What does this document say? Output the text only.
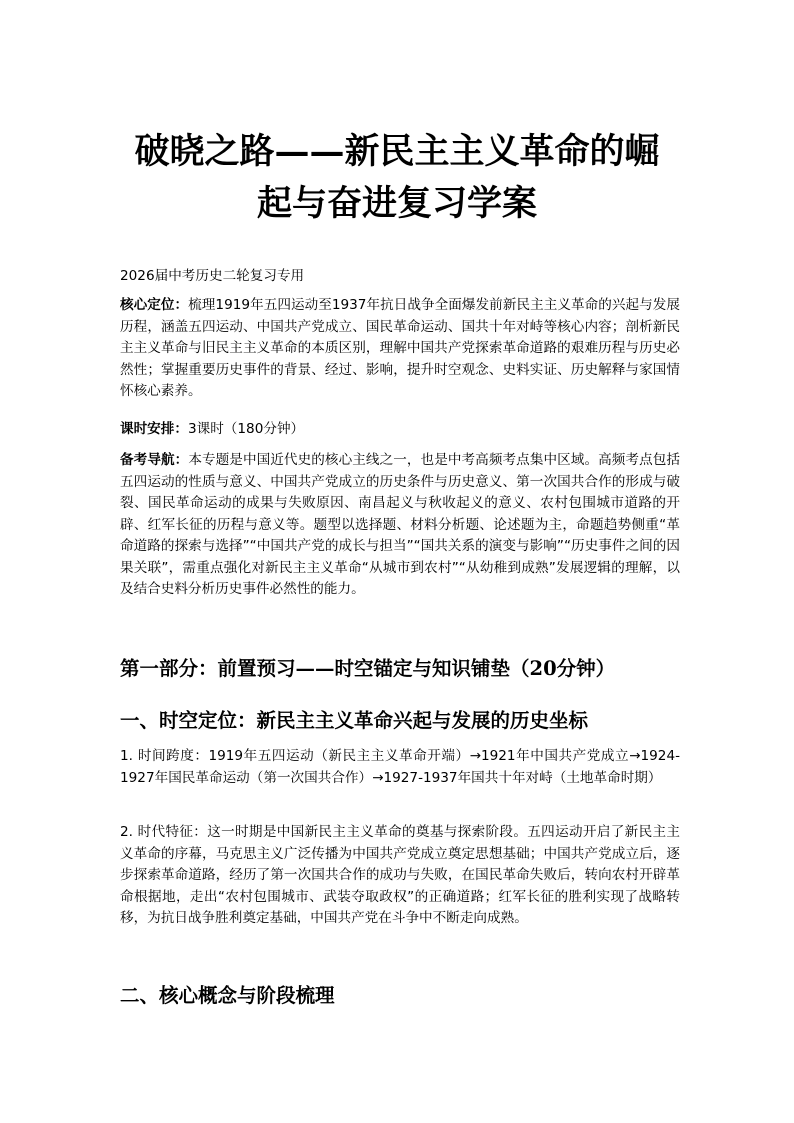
破晓之路——新民主主义革命的崛
起与奋进复习学案
2026届中考历史二轮复习专用
核心定位：梳理1919年五四运动至1937年抗日战争全面爆发前新民主主义革命的兴起与发展历程，涵盖五四运动、中国共产党成立、国民革命运动、国共十年对峙等核心内容；剖析新民主主义革命与旧民主主义革命的本质区别，理解中国共产党探索革命道路的艰难历程与历史必然性；掌握重要历史事件的背景、经过、影响，提升时空观念、史料实证、历史解释与家国情怀核心素养。
课时安排：3课时（180分钟）
备考导航：本专题是中国近代史的核心主线之一，也是中考高频考点集中区域。高频考点包括五四运动的性质与意义、中国共产党成立的历史条件与历史意义、第一次国共合作的形成与破裂、国民革命运动的成果与失败原因、南昌起义与秋收起义的意义、农村包围城市道路的开辟、红军长征的历程与意义等。题型以选择题、材料分析题、论述题为主，命题趋势侧重“革命道路的探索与选择”“中国共产党的成长与担当”“国共关系的演变与影响”“历史事件之间的因果关联”，需重点强化对新民主主义革命“从城市到农村”“从幼稚到成熟”发展逻辑的理解，以及结合史料分析历史事件必然性的能力。
第一部分：前置预习——时空锚定与知识铺垫（20分钟）
一、时空定位：新民主主义革命兴起与发展的历史坐标
1. 时间跨度：1919年五四运动（新民主主义革命开端）→1921年中国共产党成立→1924-1927年国民革命运动（第一次国共合作）→1927-1937年国共十年对峙（土地革命时期）
2. 时代特征：这一时期是中国新民主主义革命的奠基与探索阶段。五四运动开启了新民主主义革命的序幕，马克思主义广泛传播为中国共产党成立奠定思想基础；中国共产党成立后，逐步探索革命道路，经历了第一次国共合作的成功与失败，在国民革命失败后，转向农村开辟革命根据地，走出“农村包围城市、武装夺取政权”的正确道路；红军长征的胜利实现了战略转移，为抗日战争胜利奠定基础，中国共产党在斗争中不断走向成熟。
二、核心概念与阶段梳理
